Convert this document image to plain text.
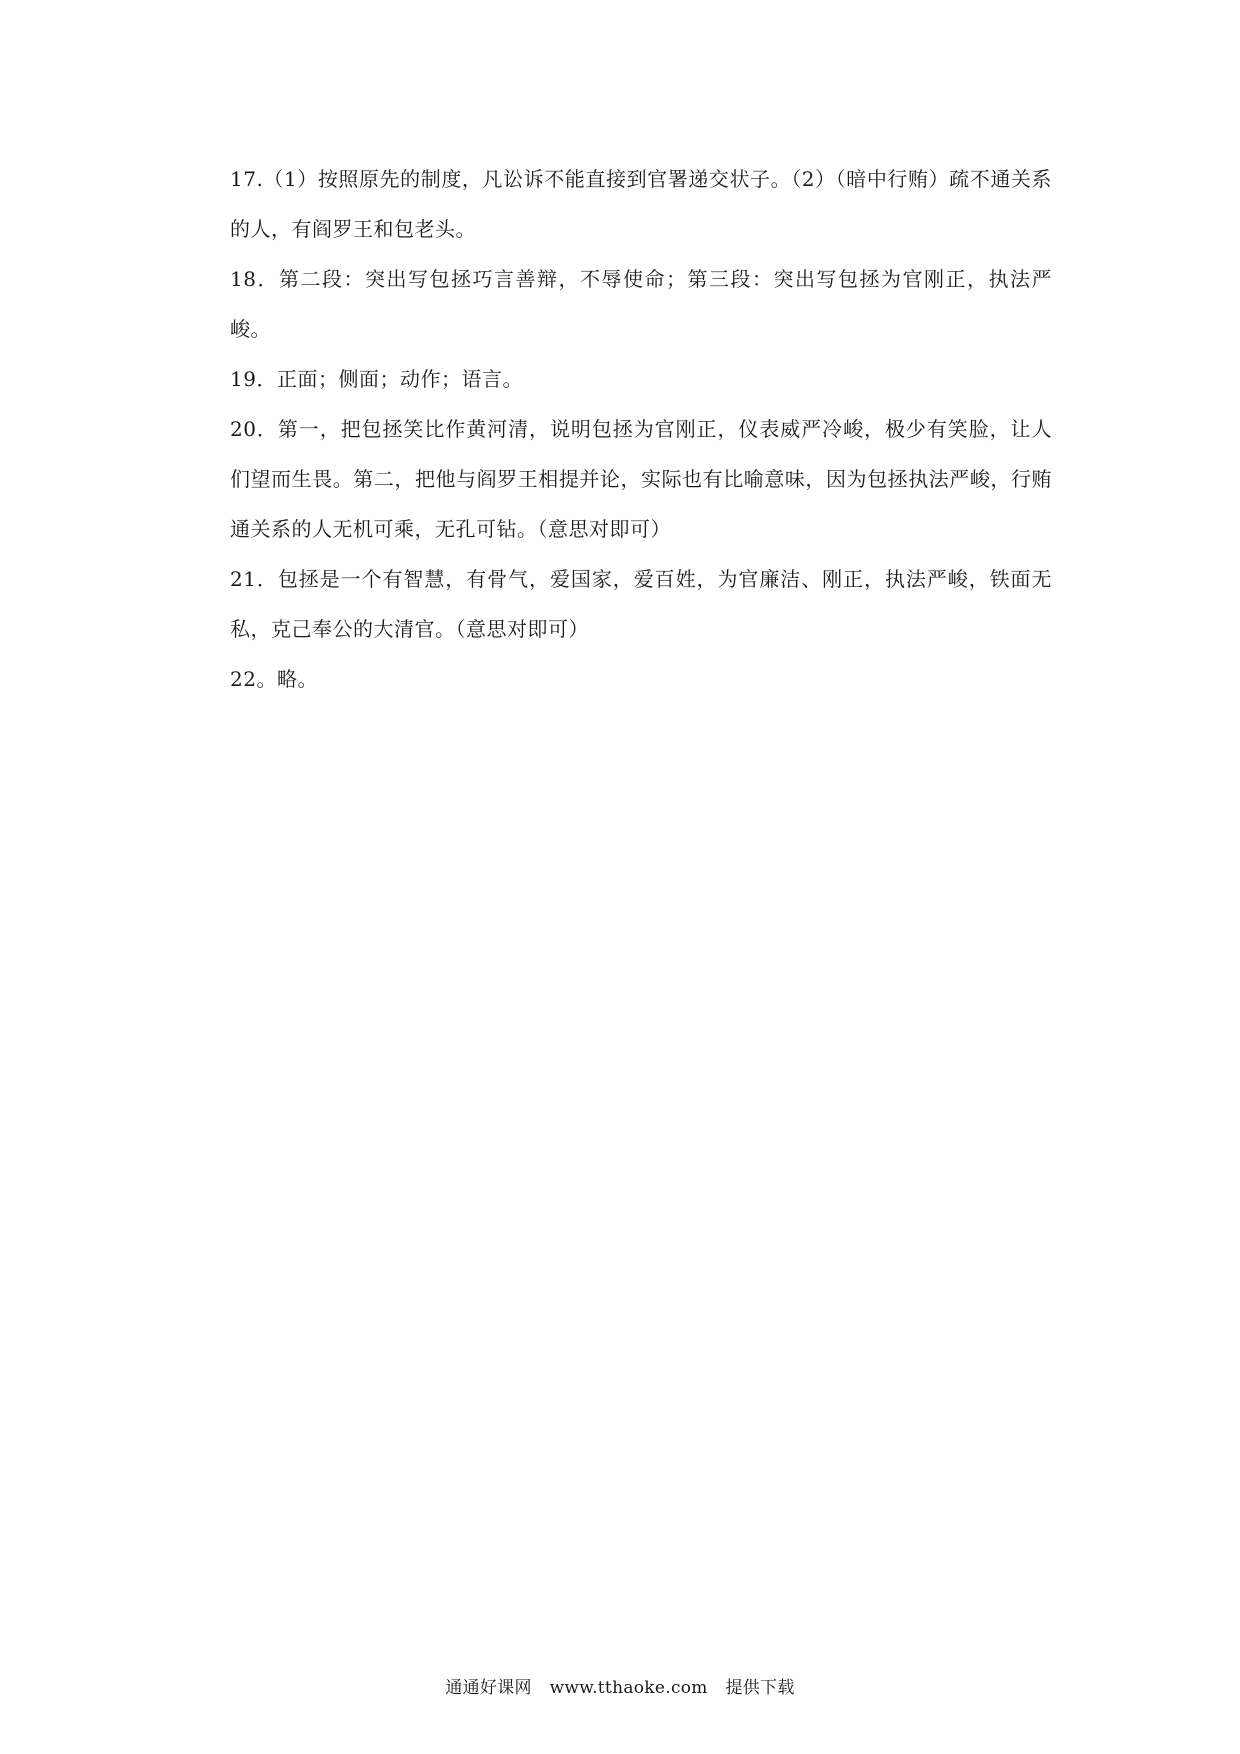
17.（1）按照原先的制度，凡讼诉不能直接到官署递交状子。（2）（暗中行贿）疏不通关系的人，有阎罗王和包老头。

18．第二段：突出写包拯巧言善辩，不辱使命；第三段：突出写包拯为官刚正，执法严峻。

19．正面；侧面；动作；语言。

20．第一，把包拯笑比作黄河清，说明包拯为官刚正，仪表威严冷峻，极少有笑脸，让人们望而生畏。第二，把他与阎罗王相提并论，实际也有比喻意味，因为包拯执法严峻，行贿通关系的人无机可乘，无孔可钻。（意思对即可）

21．包拯是一个有智慧，有骨气，爱国家，爱百姓，为官廉洁、刚正，执法严峻，铁面无私，克己奉公的大清官。（意思对即可）

22。略。

通通好课网 www.tthaoke.com 提供下载
